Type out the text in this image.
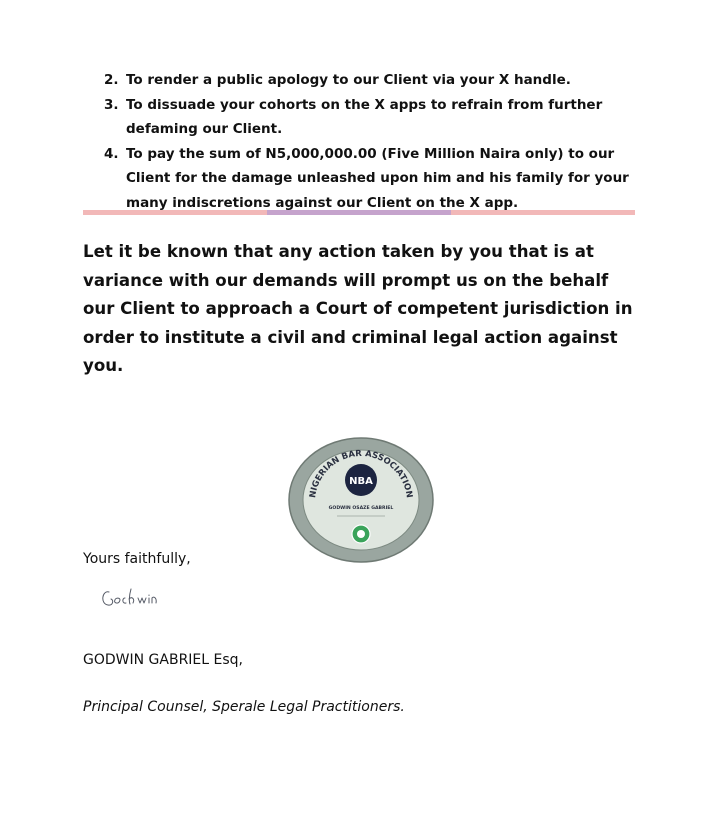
2. To render a public apology to our Client via your X handle.
3. To dissuade your cohorts on the X apps to refrain from further defaming our Client.
4. To pay the sum of N5,000,000.00 (Five Million Naira only) to our Client for the damage unleashed upon him and his family for your many indiscretions against our Client on the X app.

Let it be known that any action taken by you that is at variance with our demands will prompt us on the behalf our Client to approach a Court of competent jurisdiction in order to institute a civil and criminal legal action against you.

NIGERIAN BAR ASSOCIATION
NBA
GODWIN OSAZE GABRIEL
Yours faithfully,
GODWIN GABRIEL Esq,
Principal Counsel, Sperale Legal Practitioners.
